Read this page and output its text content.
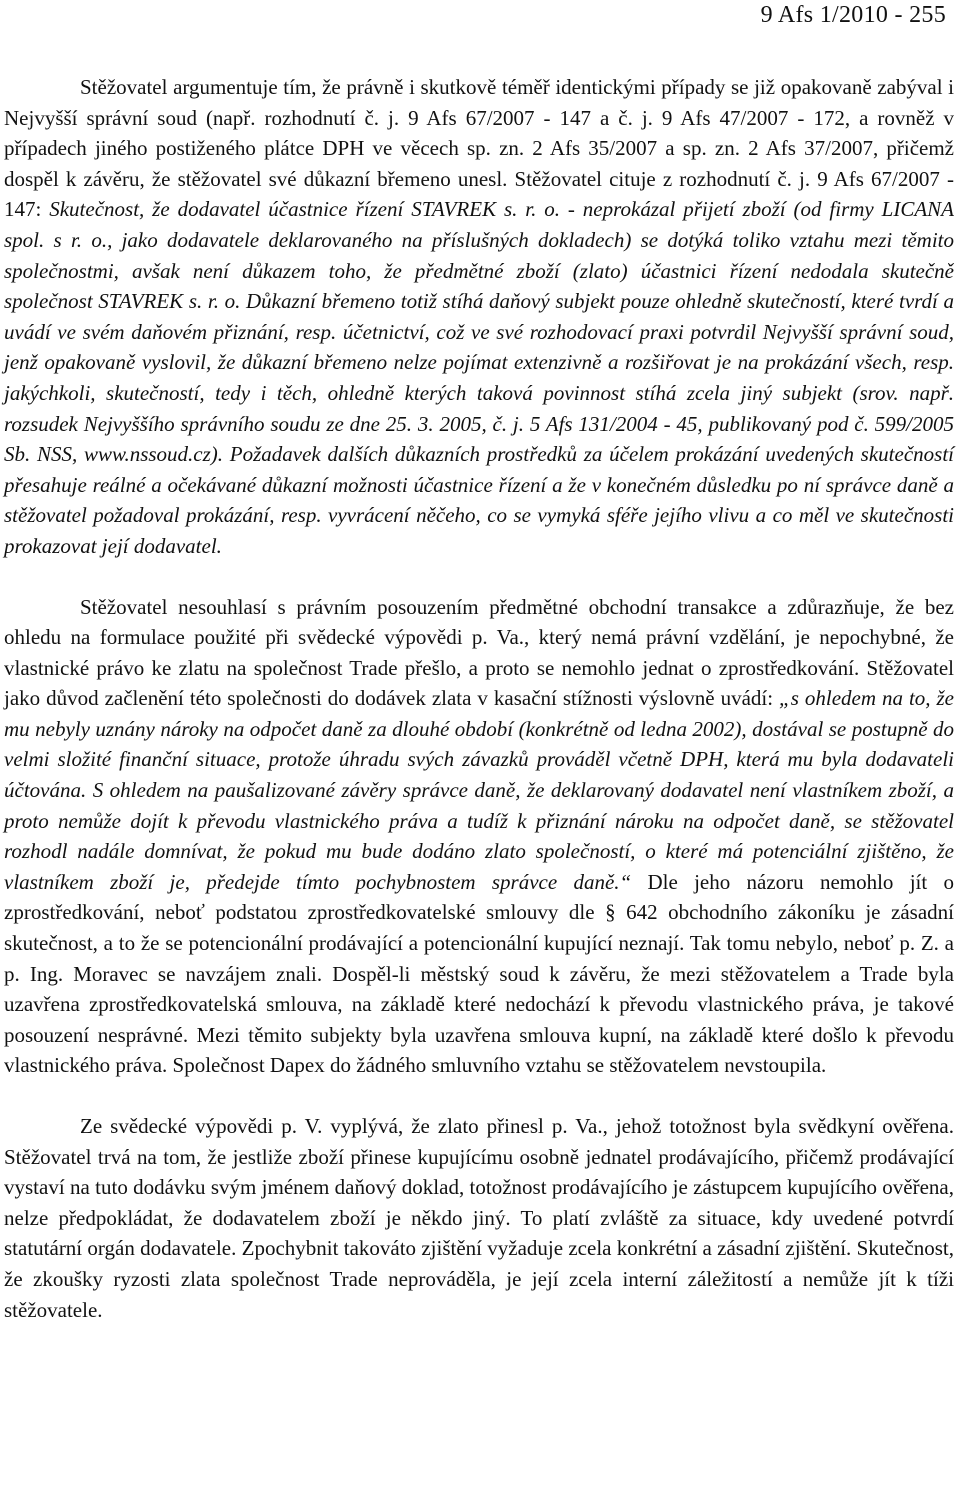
9 Afs 1/2010 - 255

Stěžovatel argumentuje tím, že právně i skutkově téměř identickými případy se již opakovaně zabýval i Nejvyšší správní soud (např. rozhodnutí č. j. 9 Afs 67/2007 - 147 a č. j. 9 Afs 47/2007 - 172, a rovněž v případech jiného postiženého plátce DPH ve věcech sp. zn. 2 Afs 35/2007 a sp. zn. 2 Afs 37/2007, přičemž dospěl k závěru, že stěžovatel své důkazní břemeno unesl. Stěžovatel cituje z rozhodnutí č. j. 9 Afs 67/2007 - 147: Skutečnost, že dodavatel účastnice řízení STAVREK s. r. o. - neprokázal přijetí zboží (od firmy LICANA spol. s r. o., jako dodavatele deklarovaného na příslušných dokladech) se dotýká toliko vztahu mezi těmito společnostmi, avšak není důkazem toho, že předmětné zboží (zlato) účastnici řízení nedodala skutečně společnost STAVREK s. r. o. Důkazní břemeno totiž stíhá daňový subjekt pouze ohledně skutečností, které tvrdí a uvádí ve svém daňovém přiznání, resp. účetnictví, což ve své rozhodovací praxi potvrdil Nejvyšší správní soud, jenž opakovaně vyslovil, že důkazní břemeno nelze pojímat extenzivně a rozšiřovat je na prokázání všech, resp. jakýchkoli, skutečností, tedy i těch, ohledně kterých taková povinnost stíhá zcela jiný subjekt (srov. např. rozsudek Nejvyššího správního soudu ze dne 25. 3. 2005, č. j. 5 Afs 131/2004 - 45, publikovaný pod č. 599/2005 Sb. NSS, www.nssoud.cz). Požadavek dalších důkazních prostředků za účelem prokázání uvedených skutečností přesahuje reálné a očekávané důkazní možnosti účastnice řízení a že v konečném důsledku po ní správce daně a stěžovatel požadoval prokázání, resp. vyvrácení něčeho, co se vymyká sféře jejího vlivu a co měl ve skutečnosti prokazovat její dodavatel.

Stěžovatel nesouhlasí s právním posouzením předmětné obchodní transakce a zdůrazňuje, že bez ohledu na formulace použité při svědecké výpovědi p. Va., který nemá právní vzdělání, je nepochybné, že vlastnické právo ke zlatu na společnost Trade přešlo, a proto se nemohlo jednat o zprostředkování. Stěžovatel jako důvod začlenění této společnosti do dodávek zlata v kasační stížnosti výslovně uvádí: „s ohledem na to, že mu nebyly uznány nároky na odpočet daně za dlouhé období (konkrétně od ledna 2002), dostával se postupně do velmi složité finanční situace, protože úhradu svých závazků prováděl včetně DPH, která mu byla dodavateli účtována. S ohledem na paušalizované závěry správce daně, že deklarovaný dodavatel není vlastníkem zboží, a proto nemůže dojít k převodu vlastnického práva a tudíž k přiznání nároku na odpočet daně, se stěžovatel rozhodl nadále domnívat, že pokud mu bude dodáno zlato společností, o které má potenciální zjištěno, že vlastníkem zboží je, předejde tímto pochybnostem správce daně.“ Dle jeho názoru nemohlo jít o zprostředkování, neboť podstatou zprostředkovatelské smlouvy dle § 642 obchodního zákoníku je zásadní skutečnost, a to že se potencionální prodávající a potencionální kupující neznají. Tak tomu nebylo, neboť p. Z. a p. Ing. Moravec se navzájem znali. Dospěl-li městský soud k závěru, že mezi stěžovatelem a Trade byla uzavřena zprostředkovatelská smlouva, na základě které nedochází k převodu vlastnického práva, je takové posouzení nesprávné. Mezi těmito subjekty byla uzavřena smlouva kupní, na základě které došlo k převodu vlastnického práva. Společnost Dapex do žádného smluvního vztahu se stěžovatelem nevstoupila.

Ze svědecké výpovědi p. V. vyplývá, že zlato přinesl p. Va., jehož totožnost byla svědkyní ověřena. Stěžovatel trvá na tom, že jestliže zboží přinese kupujícímu osobně jednatel prodávajícího, přičemž prodávající vystaví na tuto dodávku svým jménem daňový doklad, totožnost prodávajícího je zástupcem kupujícího ověřena, nelze předpokládat, že dodavatelem zboží je někdo jiný. To platí zvláště za situace, kdy uvedené potvrdí statutární orgán dodavatele. Zpochybnit takováto zjištění vyžaduje zcela konkrétní a zásadní zjištění. Skutečnost, že zkoušky ryzosti zlata společnost Trade neprováděla, je její zcela interní záležitostí a nemůže jít k tíži stěžovatele.
